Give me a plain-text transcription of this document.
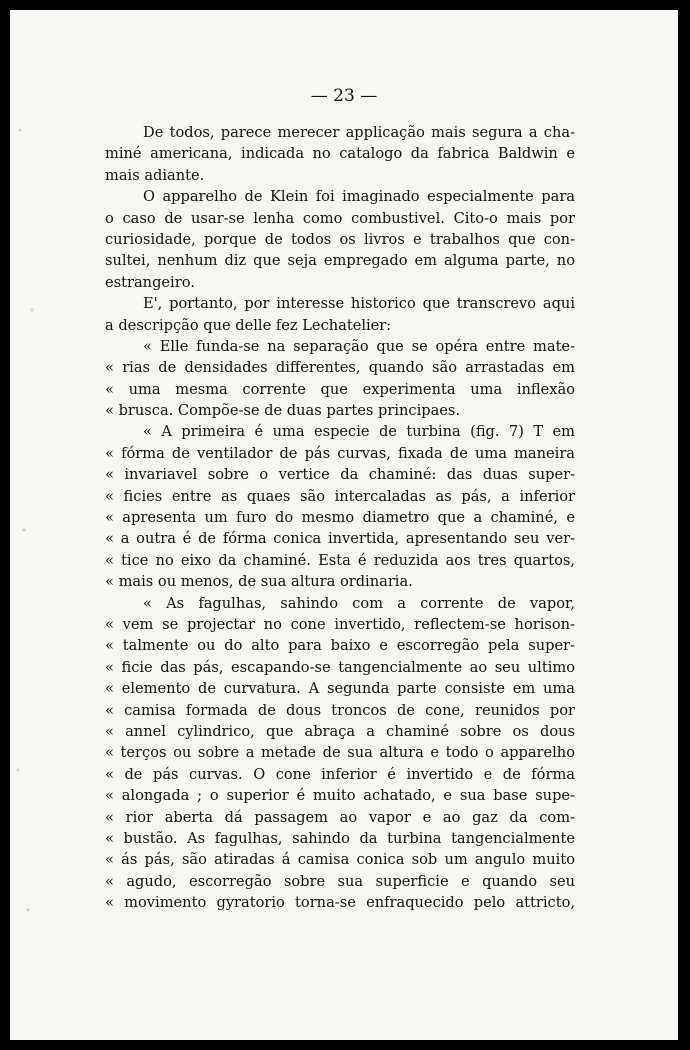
— 23 —
De todos, parece merecer applicação mais segura a cha-
miné americana, indicada no catalogo da fabrica Baldwin e
mais adiante.
O apparelho de Klein foi imaginado especialmente para
o caso de usar-se lenha como combustivel. Cito-o mais por
curiosidade, porque de todos os livros e trabalhos que con-
sultei, nenhum diz que seja empregado em alguma parte, no
estrangeiro.
E', portanto, por interesse historico que transcrevo aqui
a descripção que delle fez Lechatelier:
« Elle funda-se na separação que se opéra entre mate-
« rias de densidades differentes, quando são arrastadas em
« uma mesma corrente que experimenta uma inflexão
« brusca. Compõe-se de duas partes principaes.
« A primeira é uma especie de turbina (fig. 7) T em
« fórma de ventilador de pás curvas, fixada de uma maneira
« invariavel sobre o vertice da chaminé: das duas super-
« ficies entre as quaes são intercaladas as pás, a inferior
« apresenta um furo do mesmo diametro que a chaminé, e
« a outra é de fórma conica invertida, apresentando seu ver-
« tice no eixo da chaminé. Esta é reduzida aos tres quartos,
« mais ou menos, de sua altura ordinaria.
« As fagulhas, sahindo com a corrente de vapor,
« vem se projectar no cone invertido, reflectem-se horison-
« talmente ou do alto para baixo e escorregão pela super-
« ficie das pás, escapando-se tangencialmente ao seu ultimo
« elemento de curvatura. A segunda parte consiste em uma
« camisa formada de dous troncos de cone, reunidos por
« annel cylindrico, que abraça a chaminé sobre os dous
« terços ou sobre a metade de sua altura e todo o apparelho
« de pás curvas. O cone inferior é invertido e de fórma
« alongada ; o superior é muito achatado, e sua base supe-
« rior aberta dá passagem ao vapor e ao gaz da com-
« bustão. As fagulhas, sahindo da turbina tangencialmente
« ás pás, são atiradas á camisa conica sob um angulo muito
« agudo, escorregão sobre sua superficie e quando seu
« movimento gyratorio torna-se enfraquecido pelo attricto,
